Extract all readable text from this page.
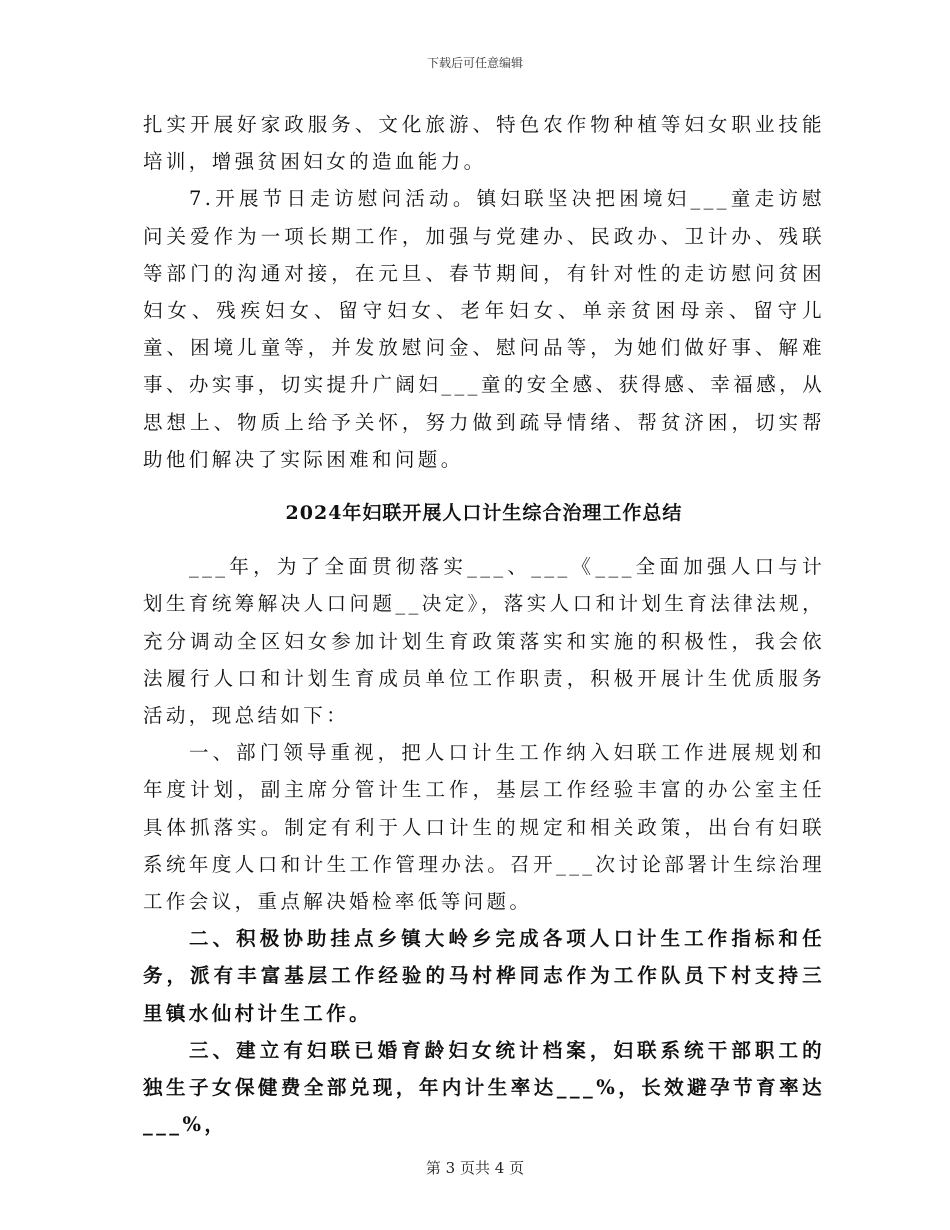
下载后可任意编辑

扎实开展好家政服务、文化旅游、特色农作物种植等妇女职业技能培训，增强贫困妇女的造血能力。

7.开展节日走访慰问活动。镇妇联坚决把困境妇___童走访慰问关爱作为一项长期工作，加强与党建办、民政办、卫计办、残联等部门的沟通对接，在元旦、春节期间，有针对性的走访慰问贫困妇女、残疾妇女、留守妇女、老年妇女、单亲贫困母亲、留守儿童、困境儿童等，并发放慰问金、慰问品等，为她们做好事、解难事、办实事，切实提升广阔妇___童的安全感、获得感、幸福感，从思想上、物质上给予关怀，努力做到疏导情绪、帮贫济困，切实帮助他们解决了实际困难和问题。

2024年妇联开展人口计生综合治理工作总结

___年，为了全面贯彻落实___、___《___全面加强人口与计划生育统筹解决人口问题__决定》，落实人口和计划生育法律法规，充分调动全区妇女参加计划生育政策落实和实施的积极性，我会依法履行人口和计划生育成员单位工作职责，积极开展计生优质服务活动，现总结如下：

一、部门领导重视，把人口计生工作纳入妇联工作进展规划和年度计划，副主席分管计生工作，基层工作经验丰富的办公室主任具体抓落实。制定有利于人口计生的规定和相关政策，出台有妇联系统年度人口和计生工作管理办法。召开___次讨论部署计生综治理工作会议，重点解决婚检率低等问题。

二、积极协助挂点乡镇大岭乡完成各项人口计生工作指标和任务，派有丰富基层工作经验的马村桦同志作为工作队员下村支持三里镇水仙村计生工作。

三、建立有妇联已婚育龄妇女统计档案，妇联系统干部职工的独生子女保健费全部兑现，年内计生率达___%，长效避孕节育率达___%，

第 3 页共 4 页
